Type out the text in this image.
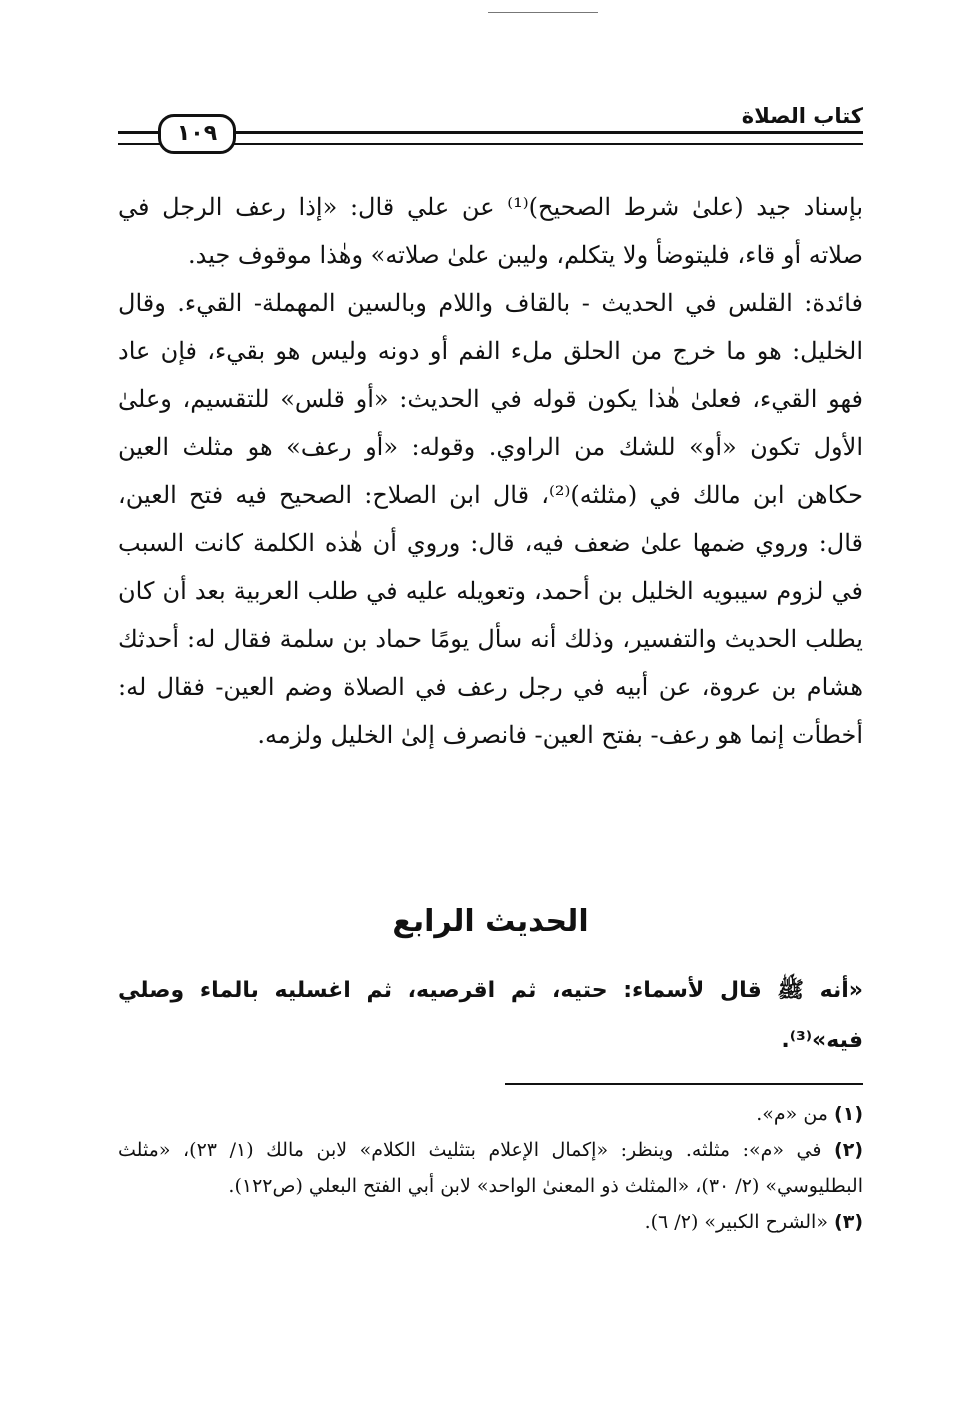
١٠٩
كتاب الصلاة

بإسناد جيد (علىٰ شرط الصحيح)⁽¹⁾ عن علي قال: «إذا رعف الرجل في صلاته أو قاء، فليتوضأ ولا يتكلم، وليبن علىٰ صلاته» وهٰذا موقوف جيد.

فائدة: القلس في الحديث - بالقاف واللام وبالسين المهملة- القيء. وقال الخليل: هو ما خرج من الحلق ملء الفم أو دونه وليس هو بقيء، فإن عاد فهو القيء، فعلىٰ هٰذا يكون قوله في الحديث: «أو قلس» للتقسيم، وعلىٰ الأول تكون «أو» للشك من الراوي. وقوله: «أو رعف» هو مثلث العين حكاهن ابن مالك في (مثلثه)⁽²⁾، قال ابن الصلاح: الصحيح فيه فتح العين، قال: وروي ضمها علىٰ ضعف فيه، قال: وروي أن هٰذه الكلمة كانت السبب في لزوم سيبويه الخليل بن أحمد، وتعويله عليه في طلب العربية بعد أن كان يطلب الحديث والتفسير، وذلك أنه سأل يومًا حماد بن سلمة فقال له: أحدثك هشام بن عروة، عن أبيه في رجل رعف في الصلاة وضم العين- فقال له: أخطأت إنما هو رعف- بفتح العين- فانصرف إلىٰ الخليل ولزمه.

الحديث الرابع
«أنه ﷺ قال لأسماء: حتيه، ثم اقرصيه، ثم اغسليه بالماء وصلي فيه»⁽³⁾.
(١) من «م».
(٢) في «م»: مثلثه. وينظر: «إكمال الإعلام بتثليث الكلام» لابن مالك (١/ ٢٣)، «مثلث البطليوسي» (٢/ ٣٠)، «المثلث ذو المعنىٰ الواحد» لابن أبي الفتح البعلي (ص١٢٢).
(٣) «الشرح الكبير» (٢/ ٦).
